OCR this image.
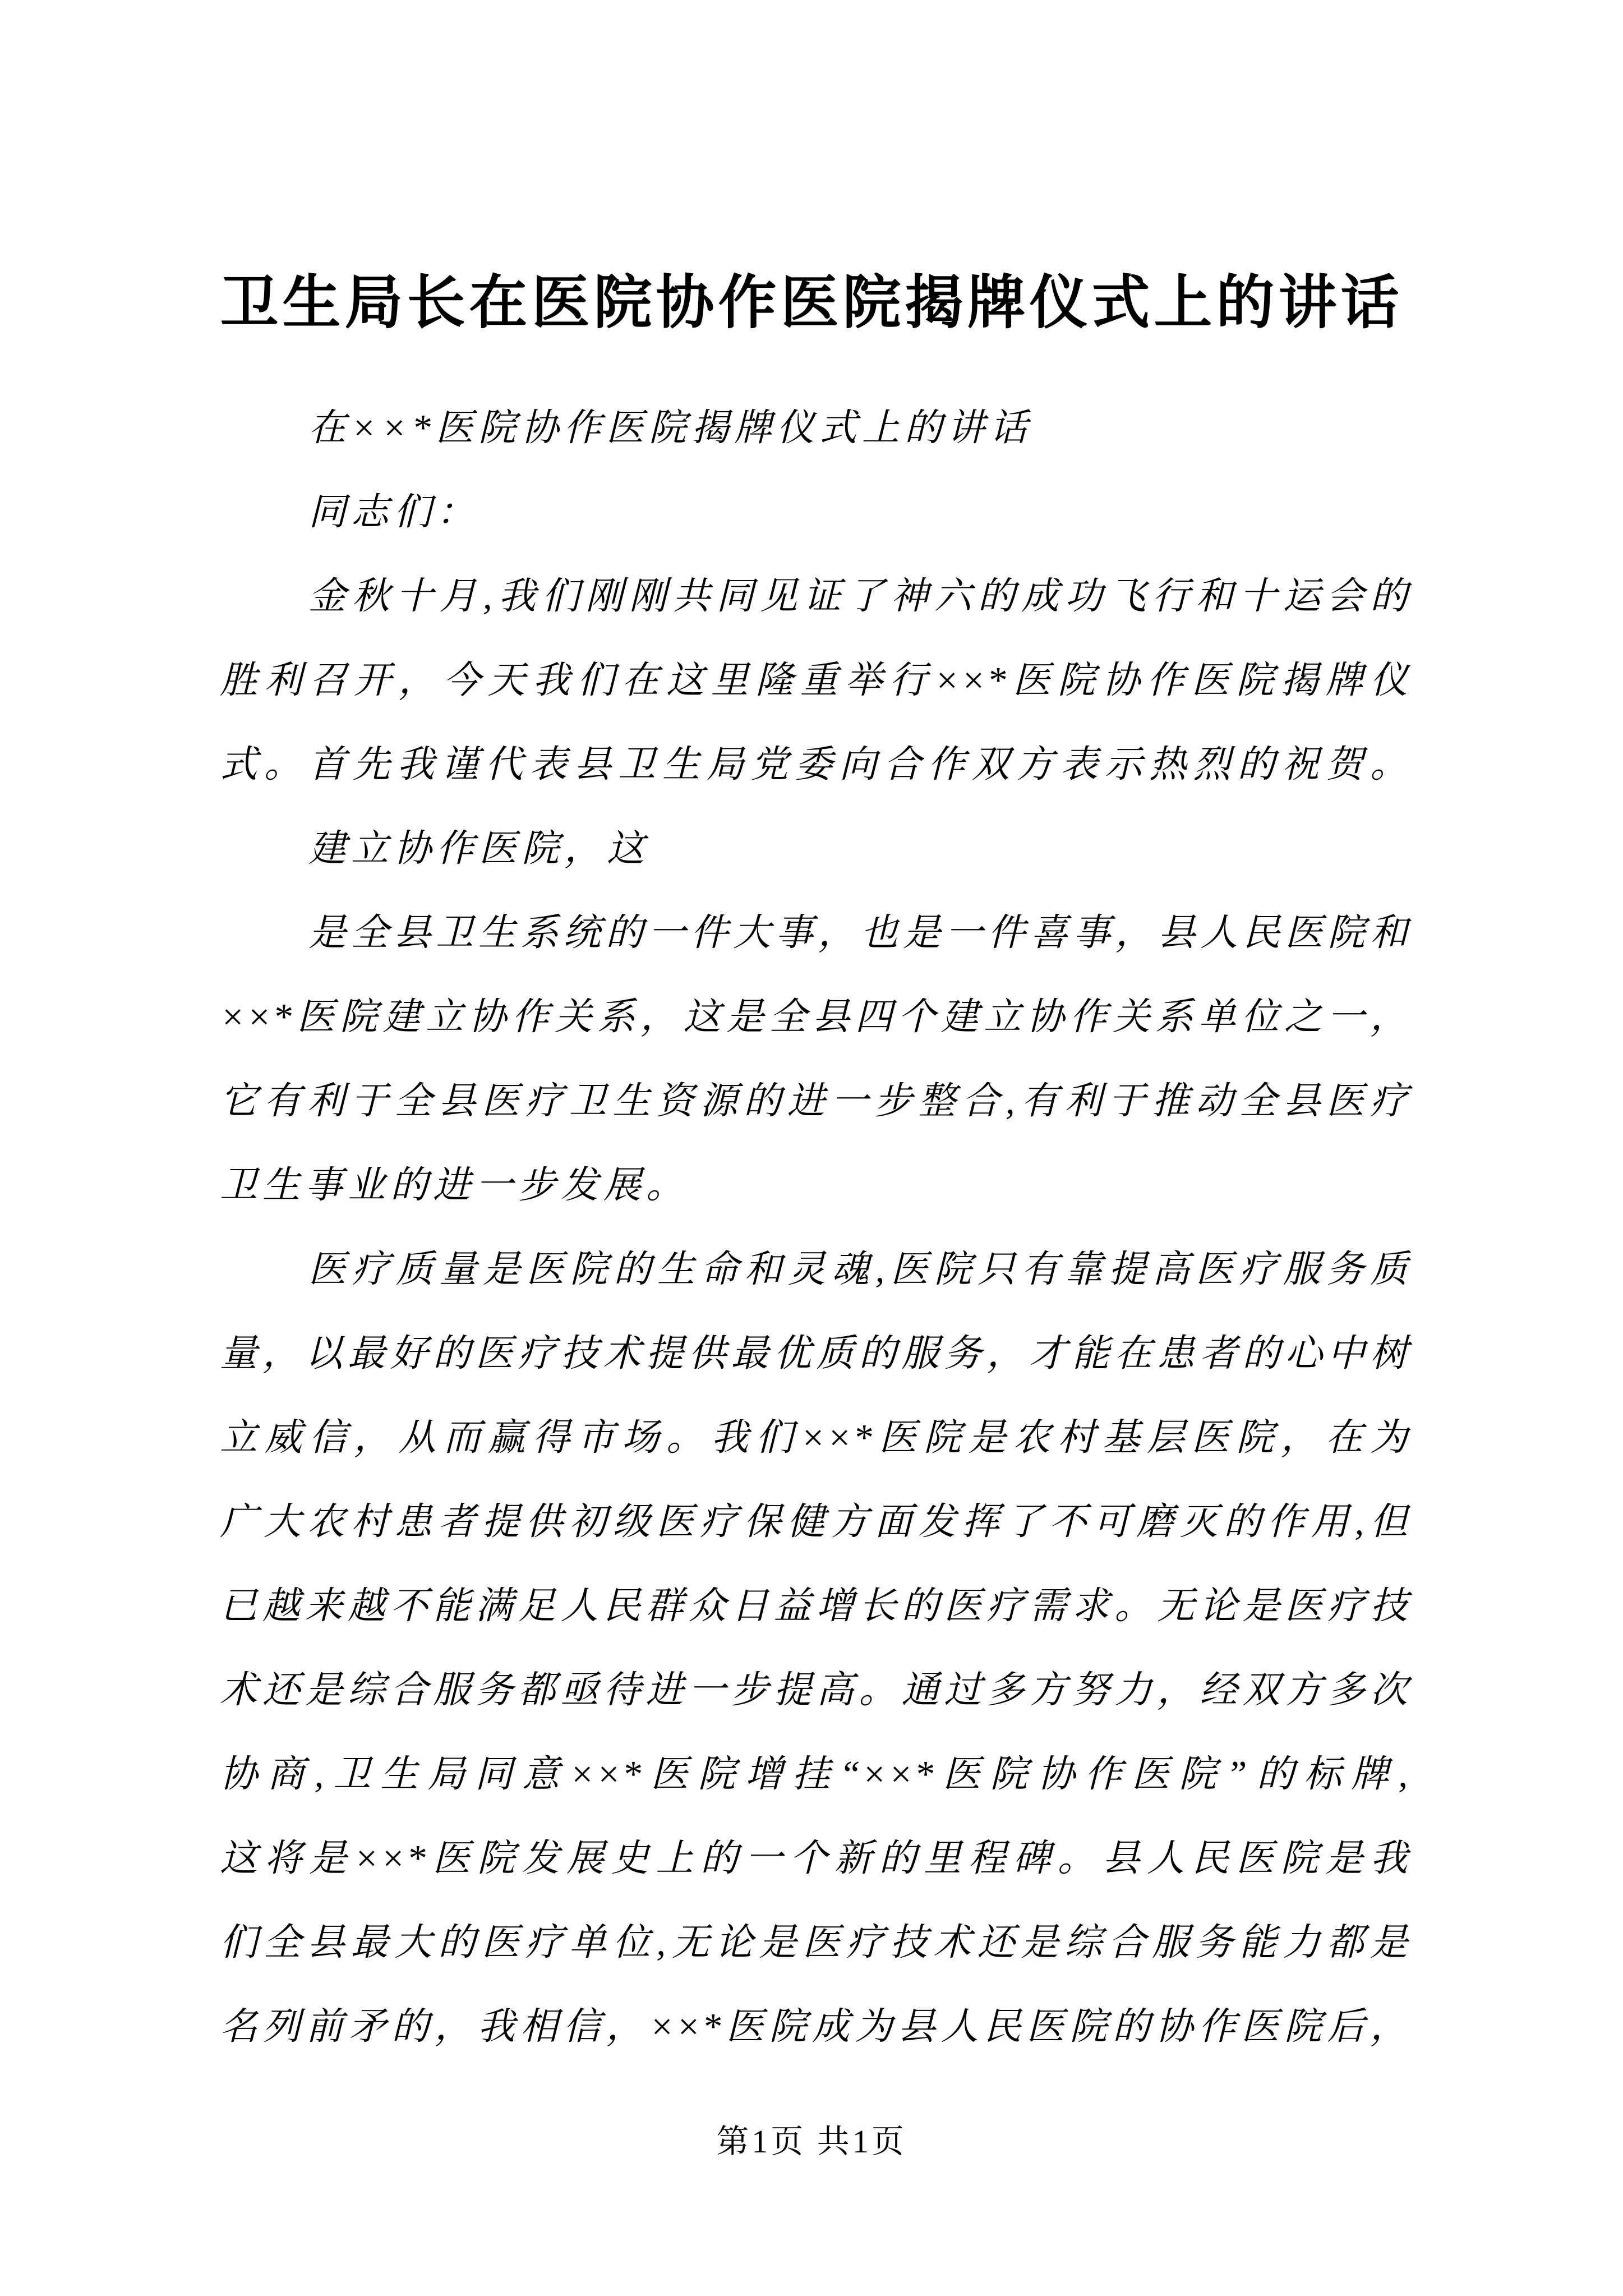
卫生局长在医院协作医院揭牌仪式上的讲话
在××*医院协作医院揭牌仪式上的讲话
同志们：
金秋十月,我们刚刚共同见证了神六的成功飞行和十运会的
胜利召开，今天我们在这里隆重举行××*医院协作医院揭牌仪
式。首先我谨代表县卫生局党委向合作双方表示热烈的祝贺。
建立协作医院，这
是全县卫生系统的一件大事，也是一件喜事，县人民医院和
××*医院建立协作关系，这是全县四个建立协作关系单位之一，
它有利于全县医疗卫生资源的进一步整合,有利于推动全县医疗
卫生事业的进一步发展。
医疗质量是医院的生命和灵魂,医院只有靠提高医疗服务质
量，以最好的医疗技术提供最优质的服务，才能在患者的心中树
立威信，从而赢得市场。我们××*医院是农村基层医院，在为
广大农村患者提供初级医疗保健方面发挥了不可磨灭的作用,但
已越来越不能满足人民群众日益增长的医疗需求。无论是医疗技
术还是综合服务都亟待进一步提高。通过多方努力，经双方多次
协商,卫生局同意××*医院增挂“××*医院协作医院”的标牌,
这将是××*医院发展史上的一个新的里程碑。县人民医院是我
们全县最大的医疗单位,无论是医疗技术还是综合服务能力都是
名列前矛的，我相信，××*医院成为县人民医院的协作医院后，
第1页 共1页
